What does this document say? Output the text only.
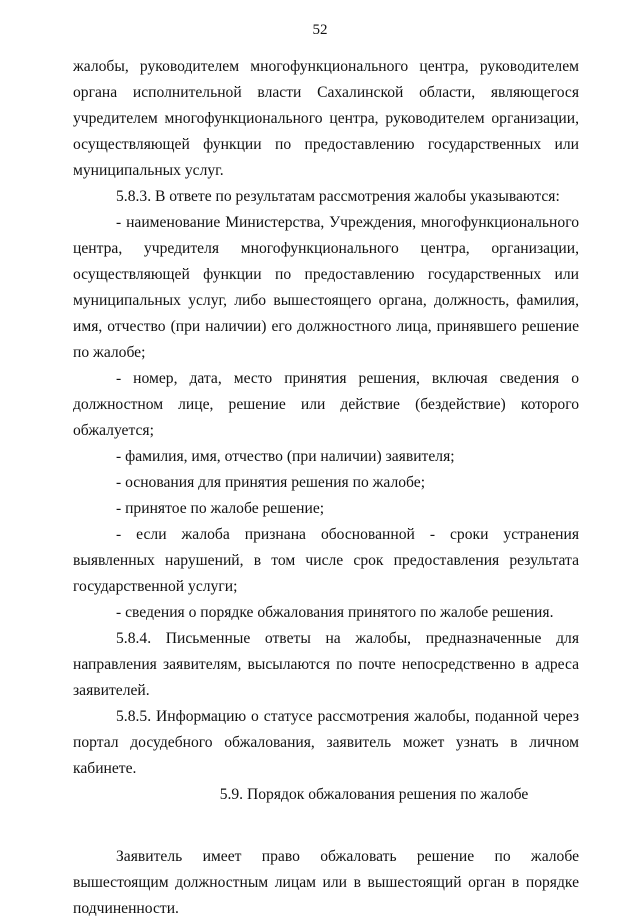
52

жалобы, руководителем многофункционального центра, руководителем органа исполнительной власти Сахалинской области, являющегося учредителем многофункционального центра, руководителем организации, осуществляющей функции по предоставлению государственных или муниципальных услуг.

5.8.3. В ответе по результатам рассмотрения жалобы указываются:

- наименование Министерства, Учреждения, многофункционального центра, учредителя многофункционального центра, организации, осуществляющей функции по предоставлению государственных или муниципальных услуг, либо вышестоящего органа, должность, фамилия, имя, отчество (при наличии) его должностного лица, принявшего решение по жалобе;

- номер, дата, место принятия решения, включая сведения о должностном лице, решение или действие (бездействие) которого обжалуется;

- фамилия, имя, отчество (при наличии) заявителя;

- основания для принятия решения по жалобе;

- принятое по жалобе решение;

- если жалоба признана обоснованной - сроки устранения выявленных нарушений, в том числе срок предоставления результата государственной услуги;

- сведения о порядке обжалования принятого по жалобе решения.

5.8.4. Письменные ответы на жалобы, предназначенные для направления заявителям, высылаются по почте непосредственно в адреса заявителей.

5.8.5. Информацию о статусе рассмотрения жалобы, поданной через портал досудебного обжалования, заявитель может узнать в личном кабинете.

5.9. Порядок обжалования решения по жалобе

Заявитель имеет право обжаловать решение по жалобе вышестоящим должностным лицам или в вышестоящий орган в порядке подчиненности.
